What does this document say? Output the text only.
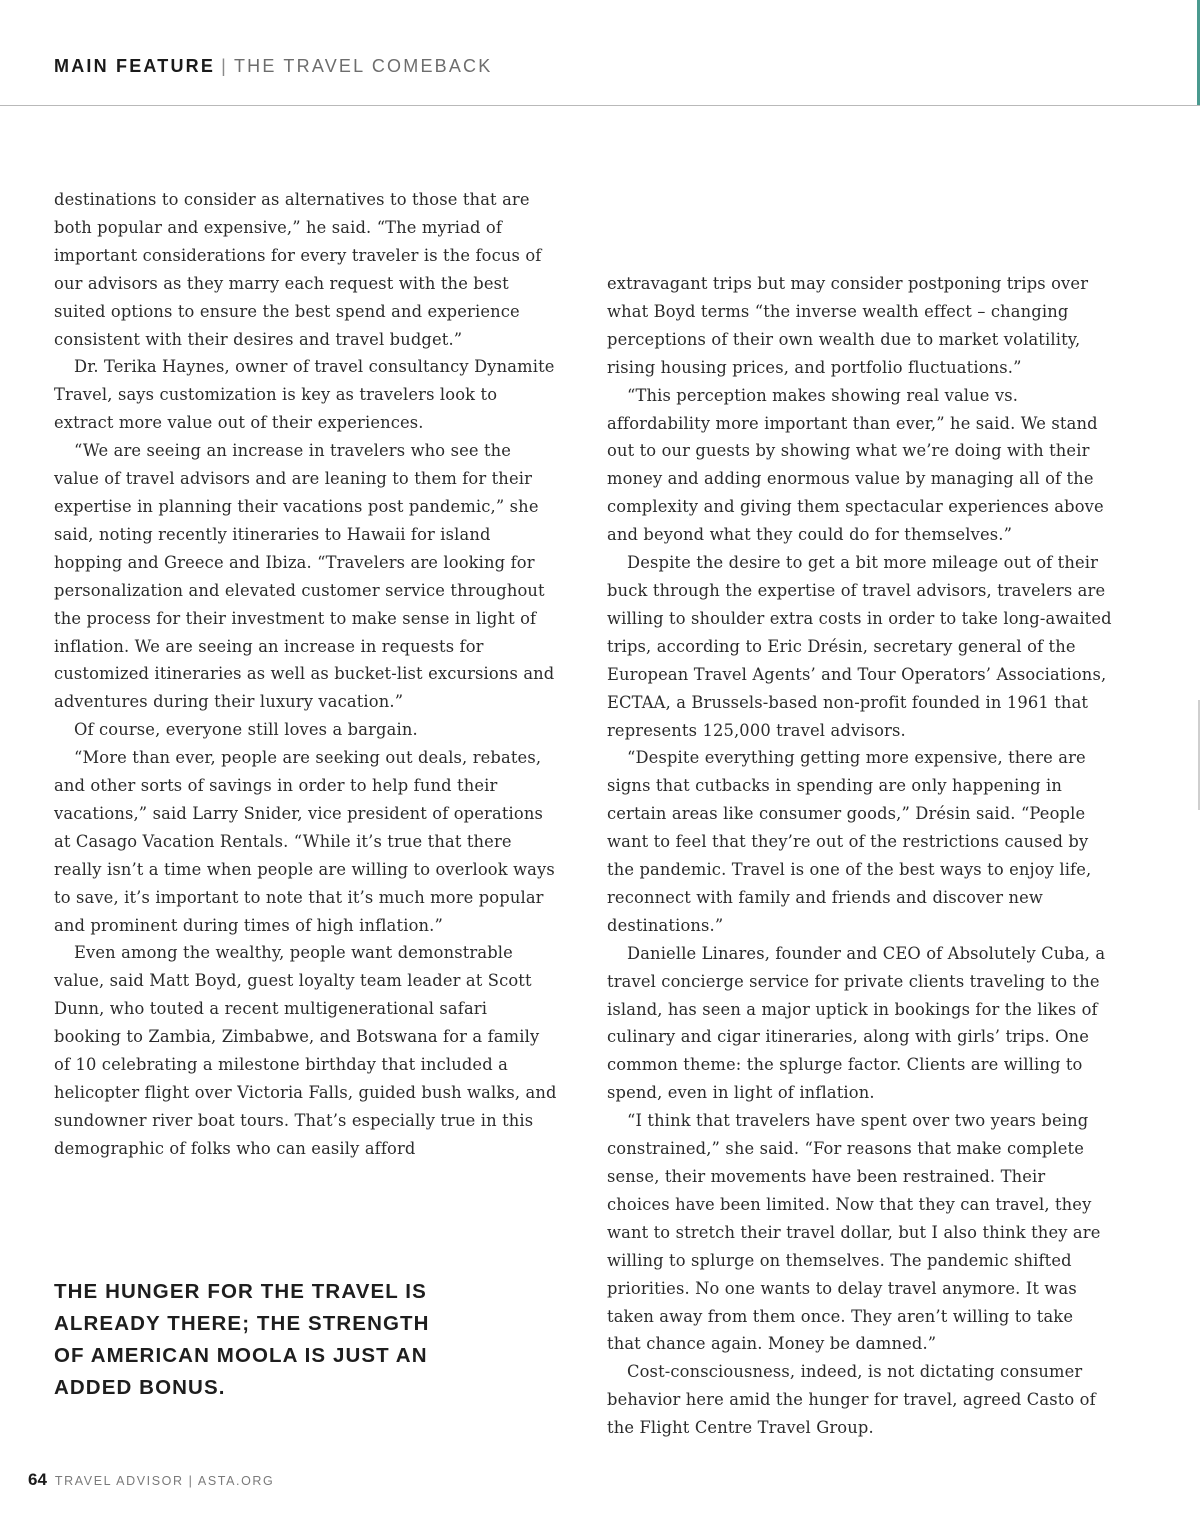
MAIN FEATURE | THE TRAVEL COMEBACK

destinations to consider as alternatives to those that are both popular and expensive,” he said. “The myriad of important considerations for every traveler is the focus of our advisors as they marry each request with the best suited options to ensure the best spend and experience consistent with their desires and travel budget.”

Dr. Terika Haynes, owner of travel consultancy Dynamite Travel, says customization is key as travelers look to extract more value out of their experiences.

“We are seeing an increase in travelers who see the value of travel advisors and are leaning to them for their expertise in planning their vacations post pandemic,” she said, noting recently itineraries to Hawaii for island hopping and Greece and Ibiza. “Travelers are looking for personalization and elevated customer service throughout the process for their investment to make sense in light of inflation. We are seeing an increase in requests for customized itineraries as well as bucket-list excursions and adventures during their luxury vacation.”

Of course, everyone still loves a bargain.

“More than ever, people are seeking out deals, rebates, and other sorts of savings in order to help fund their vacations,” said Larry Snider, vice president of operations at Casago Vacation Rentals. “While it’s true that there really isn’t a time when people are willing to overlook ways to save, it’s important to note that it’s much more popular and prominent during times of high inflation.”

Even among the wealthy, people want demonstrable value, said Matt Boyd, guest loyalty team leader at Scott Dunn, who touted a recent multigenerational safari booking to Zambia, Zimbabwe, and Botswana for a family of 10 celebrating a milestone birthday that included a helicopter flight over Victoria Falls, guided bush walks, and sundowner river boat tours. That’s especially true in this demographic of folks who can easily afford

THE HUNGER FOR THE TRAVEL IS
ALREADY THERE; THE STRENGTH
OF AMERICAN MOOLA IS JUST AN
ADDED BONUS.

extravagant trips but may consider postponing trips over what Boyd terms “the inverse wealth effect – changing perceptions of their own wealth due to market volatility, rising housing prices, and portfolio fluctuations.”

“This perception makes showing real value vs. affordability more important than ever,” he said. We stand out to our guests by showing what we’re doing with their money and adding enormous value by managing all of the complexity and giving them spectacular experiences above and beyond what they could do for themselves.”

Despite the desire to get a bit more mileage out of their buck through the expertise of travel advisors, travelers are willing to shoulder extra costs in order to take long-awaited trips, according to Eric Drésin, secretary general of the European Travel Agents’ and Tour Operators’ Associations, ECTAA, a Brussels-based non-profit founded in 1961 that represents 125,000 travel advisors.

“Despite everything getting more expensive, there are signs that cutbacks in spending are only happening in certain areas like consumer goods,” Drésin said. “People want to feel that they’re out of the restrictions caused by the pandemic. Travel is one of the best ways to enjoy life, reconnect with family and friends and discover new destinations.”

Danielle Linares, founder and CEO of Absolutely Cuba, a travel concierge service for private clients traveling to the island, has seen a major uptick in bookings for the likes of culinary and cigar itineraries, along with girls’ trips. One common theme: the splurge factor. Clients are willing to spend, even in light of inflation.

“I think that travelers have spent over two years being constrained,” she said. “For reasons that make complete sense, their movements have been restrained. Their choices have been limited. Now that they can travel, they want to stretch their travel dollar, but I also think they are willing to splurge on themselves. The pandemic shifted priorities. No one wants to delay travel anymore. It was taken away from them once. They aren’t willing to take that chance again. Money be damned.”

Cost-consciousness, indeed, is not dictating consumer behavior here amid the hunger for travel, agreed Casto of the Flight Centre Travel Group.

64 TRAVEL ADVISOR | ASTA.ORG
